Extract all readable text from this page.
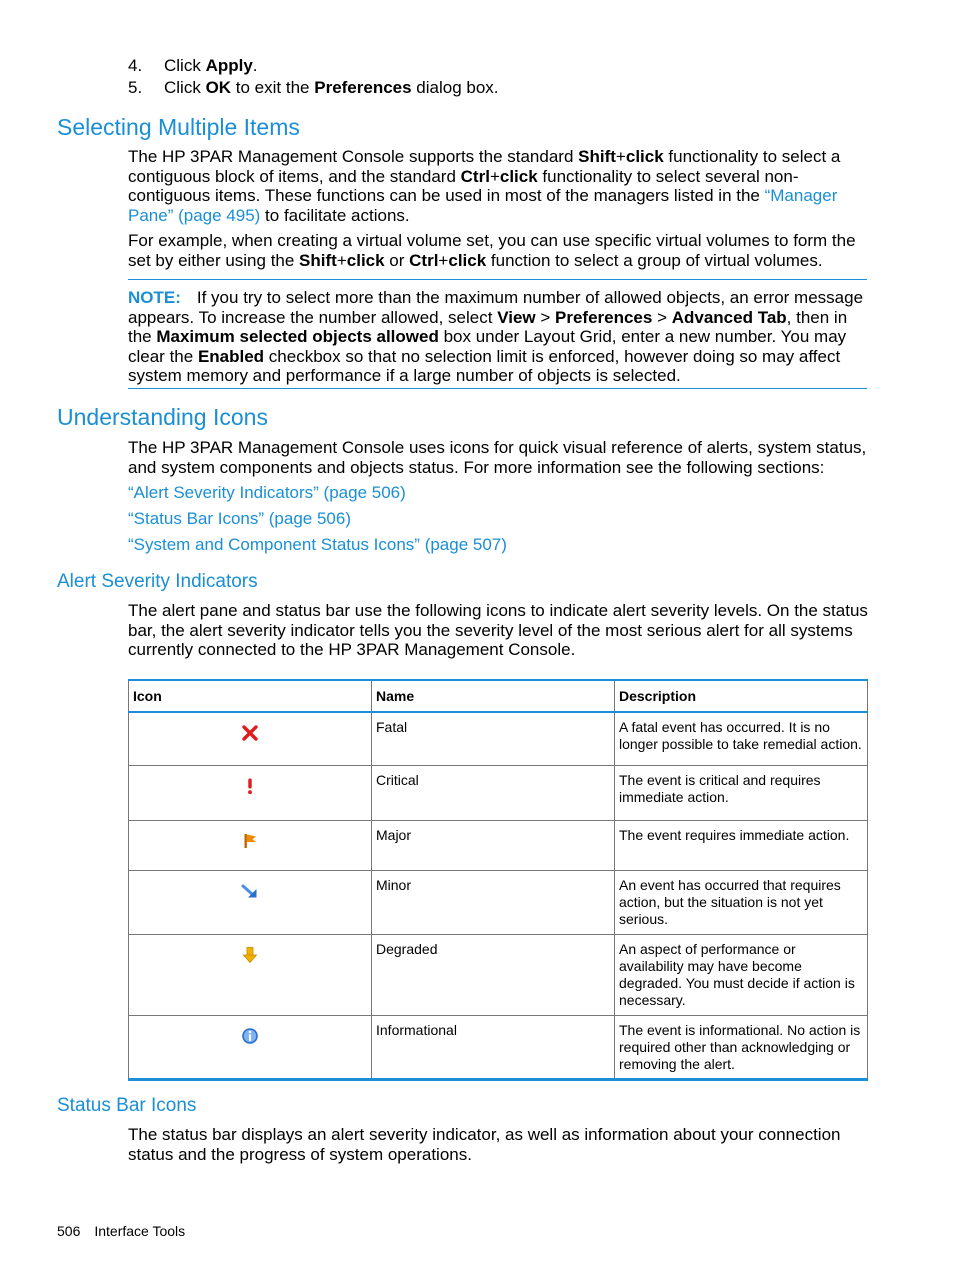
4. Click Apply.
5. Click OK to exit the Preferences dialog box.
Selecting Multiple Items

The HP 3PAR Management Console supports the standard Shift+click functionality to select a contiguous block of items, and the standard Ctrl+click functionality to select several non-contiguous items. These functions can be used in most of the managers listed in the “Manager Pane” (page 495) to facilitate actions.

For example, when creating a virtual volume set, you can use specific virtual volumes to form the set by either using the Shift+click or Ctrl+click function to select a group of virtual volumes.

NOTE: If you try to select more than the maximum number of allowed objects, an error message appears. To increase the number allowed, select View > Preferences > Advanced Tab, then in the Maximum selected objects allowed box under Layout Grid, enter a new number. You may clear the Enabled checkbox so that no selection limit is enforced, however doing so may affect system memory and performance if a large number of objects is selected.
Understanding Icons

The HP 3PAR Management Console uses icons for quick visual reference of alerts, system status, and system components and objects status. For more information see the following sections:

“Alert Severity Indicators” (page 506)
“Status Bar Icons” (page 506)
“System and Component Status Icons” (page 507)
Alert Severity Indicators

The alert pane and status bar use the following icons to indicate alert severity levels. On the status bar, the alert severity indicator tells you the severity level of the most serious alert for all systems currently connected to the HP 3PAR Management Console.

Icon	Name	Description
	Fatal	A fatal event has occurred. It is no longer possible to take remedial action.
	Critical	The event is critical and requires immediate action.
	Major	The event requires immediate action.
	Minor	An event has occurred that requires action, but the situation is not yet serious.
	Degraded	An aspect of performance or availability may have become degraded. You must decide if action is necessary.
	Informational	The event is informational. No action is required other than acknowledging or removing the alert.
Status Bar Icons

The status bar displays an alert severity indicator, as well as information about your connection status and the progress of system operations.

506 Interface Tools
